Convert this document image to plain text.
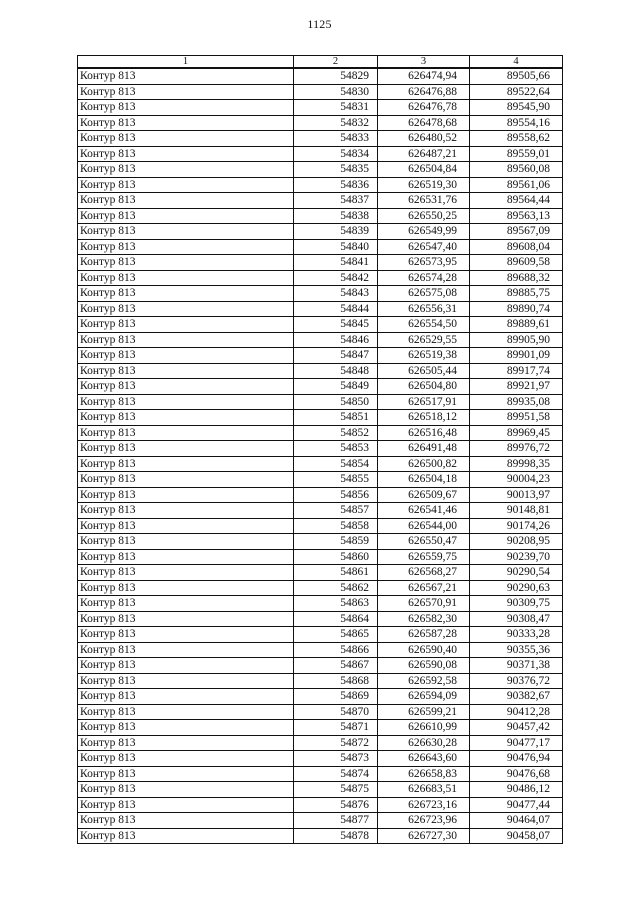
1125
1	2	3	4
Контур 813	54829	626474,94	89505,66
Контур 813	54830	626476,88	89522,64
Контур 813	54831	626476,78	89545,90
Контур 813	54832	626478,68	89554,16
Контур 813	54833	626480,52	89558,62
Контур 813	54834	626487,21	89559,01
Контур 813	54835	626504,84	89560,08
Контур 813	54836	626519,30	89561,06
Контур 813	54837	626531,76	89564,44
Контур 813	54838	626550,25	89563,13
Контур 813	54839	626549,99	89567,09
Контур 813	54840	626547,40	89608,04
Контур 813	54841	626573,95	89609,58
Контур 813	54842	626574,28	89688,32
Контур 813	54843	626575,08	89885,75
Контур 813	54844	626556,31	89890,74
Контур 813	54845	626554,50	89889,61
Контур 813	54846	626529,55	89905,90
Контур 813	54847	626519,38	89901,09
Контур 813	54848	626505,44	89917,74
Контур 813	54849	626504,80	89921,97
Контур 813	54850	626517,91	89935,08
Контур 813	54851	626518,12	89951,58
Контур 813	54852	626516,48	89969,45
Контур 813	54853	626491,48	89976,72
Контур 813	54854	626500,82	89998,35
Контур 813	54855	626504,18	90004,23
Контур 813	54856	626509,67	90013,97
Контур 813	54857	626541,46	90148,81
Контур 813	54858	626544,00	90174,26
Контур 813	54859	626550,47	90208,95
Контур 813	54860	626559,75	90239,70
Контур 813	54861	626568,27	90290,54
Контур 813	54862	626567,21	90290,63
Контур 813	54863	626570,91	90309,75
Контур 813	54864	626582,30	90308,47
Контур 813	54865	626587,28	90333,28
Контур 813	54866	626590,40	90355,36
Контур 813	54867	626590,08	90371,38
Контур 813	54868	626592,58	90376,72
Контур 813	54869	626594,09	90382,67
Контур 813	54870	626599,21	90412,28
Контур 813	54871	626610,99	90457,42
Контур 813	54872	626630,28	90477,17
Контур 813	54873	626643,60	90476,94
Контур 813	54874	626658,83	90476,68
Контур 813	54875	626683,51	90486,12
Контур 813	54876	626723,16	90477,44
Контур 813	54877	626723,96	90464,07
Контур 813	54878	626727,30	90458,07
